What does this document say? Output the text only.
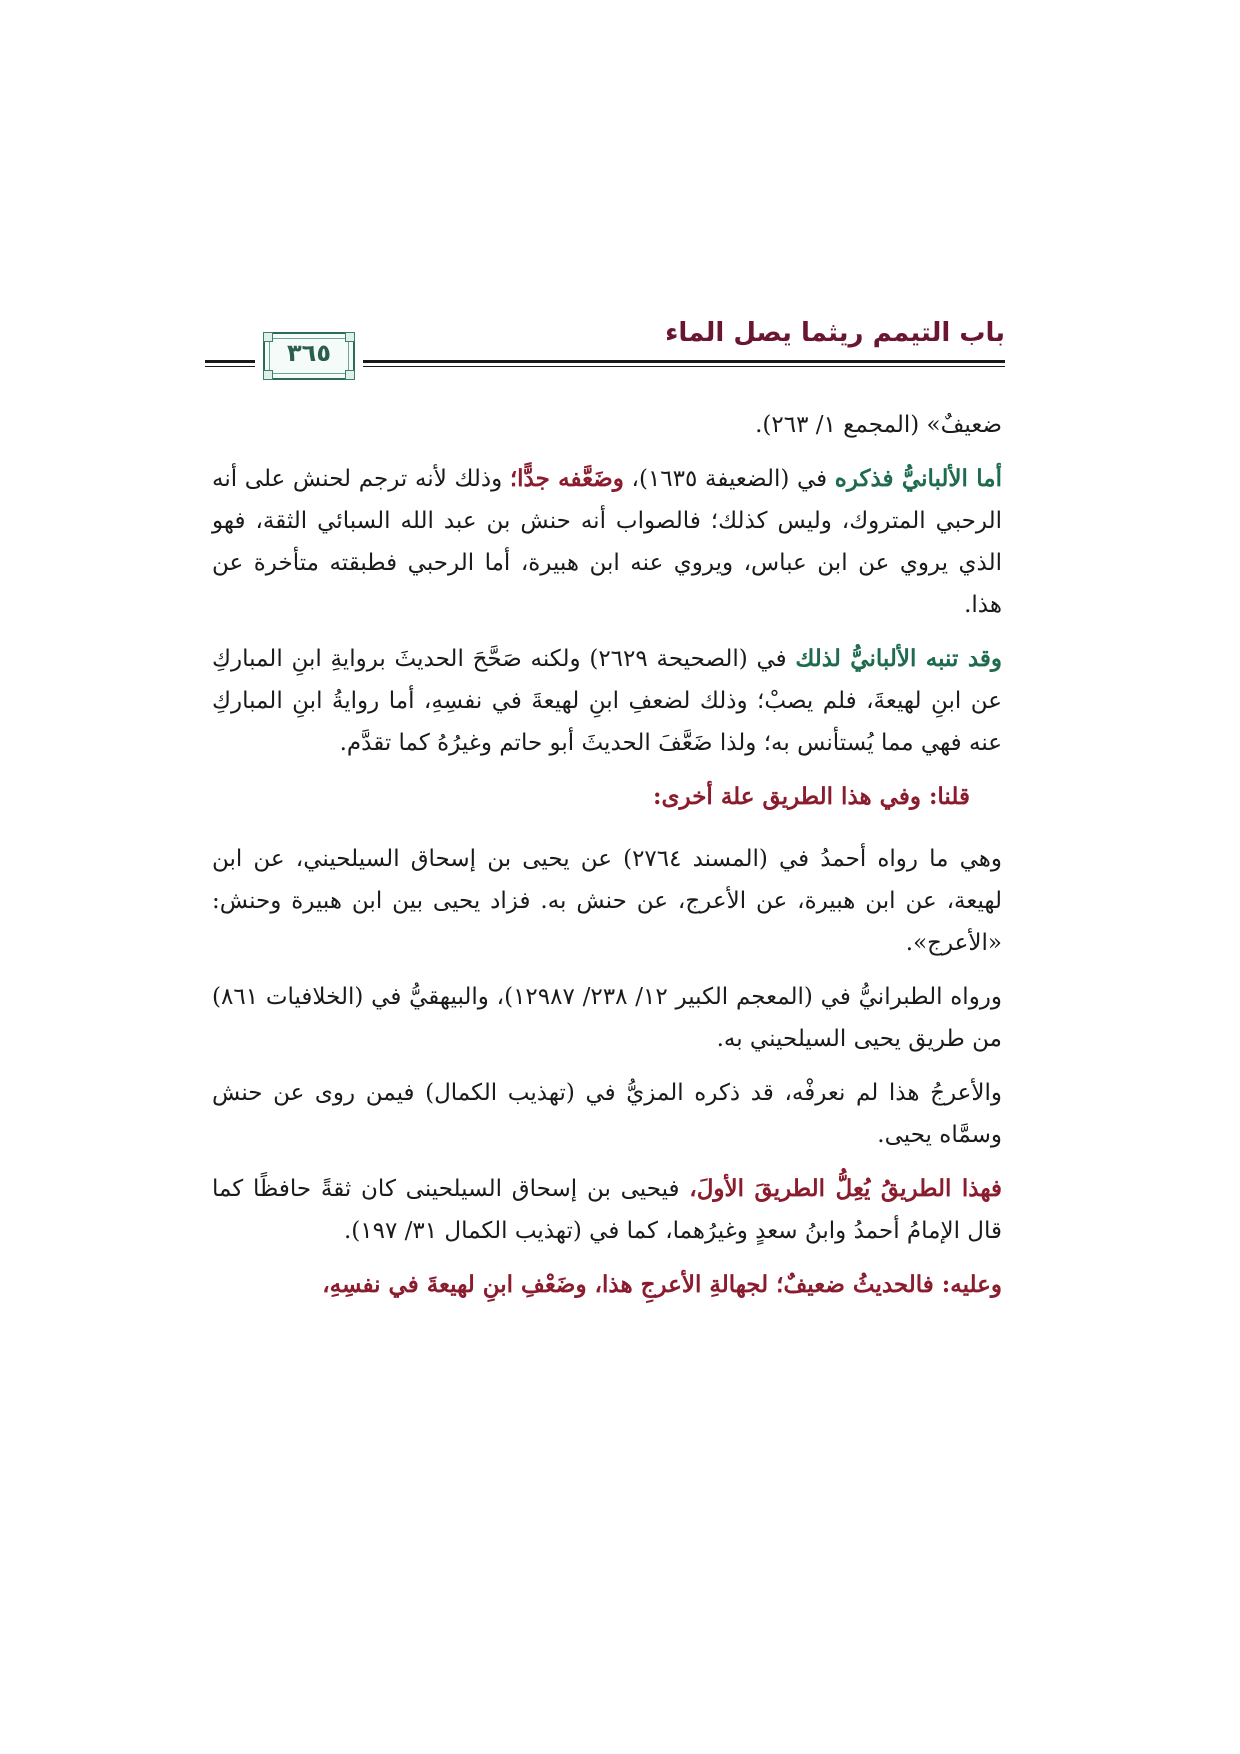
باب التيمم ريثما يصل الماء
٣٦٥

ضعيفٌ» (المجمع ١/ ٢٦٣).

أما الألبانيُّ فذكره في (الضعيفة ١٦٣٥)، وضَعَّفه جدًّا؛ وذلك لأنه ترجم لحنش على أنه الرحبي المتروك، وليس كذلك؛ فالصواب أنه حنش بن عبد الله السبائي الثقة، فهو الذي يروي عن ابن عباس، ويروي عنه ابن هبيرة، أما الرحبي فطبقته متأخرة عن هذا.

وقد تنبه الألبانيُّ لذلك في (الصحيحة ٢٦٢٩) ولكنه صَحَّحَ الحديثَ بروايةِ ابنِ المباركِ عن ابنِ لهيعةَ، فلم يصبْ؛ وذلك لضعفِ ابنِ لهيعةَ في نفسِهِ، أما روايةُ ابنِ المباركِ عنه فهي مما يُستأنس به؛ ولذا ضَعَّفَ الحديثَ أبو حاتم وغيرُهُ كما تقدَّم.

قلنا: وفي هذا الطريق علة أخرى:

وهي ما رواه أحمدُ في (المسند ٢٧٦٤) عن يحيى بن إسحاق السيلحيني، عن ابن لهيعة، عن ابن هبيرة، عن الأعرج، عن حنش به. فزاد يحيى بين ابن هبيرة وحنش: «الأعرج».

ورواه الطبرانيُّ في (المعجم الكبير ١٢/ ٢٣٨/ ١٢٩٨٧)، والبيهقيُّ في (الخلافيات ٨٦١) من طريق يحيى السيلحيني به.

والأعرجُ هذا لم نعرفْه، قد ذكره المزيُّ في (تهذيب الكمال) فيمن روى عن حنش وسمَّاه يحيى.

فهذا الطريقُ يُعِلُّ الطريقَ الأولَ، فيحيى بن إسحاق السيلحينى كان ثقةً حافظًا كما قال الإمامُ أحمدُ وابنُ سعدٍ وغيرُهما، كما في (تهذيب الكمال ٣١/ ١٩٧).

وعليه: فالحديثُ ضعيفٌ؛ لجهالةِ الأعرجِ هذا، وضَعْفِ ابنِ لهيعةَ في نفسِهِ،
